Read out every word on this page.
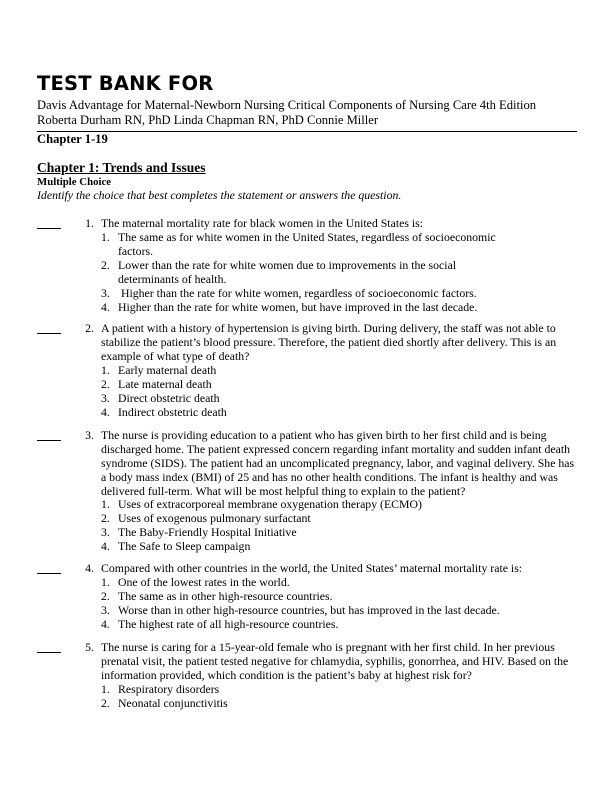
TEST BANK FOR
Davis Advantage for Maternal-Newborn Nursing Critical Components of Nursing Care 4th Edition
Roberta Durham RN, PhD Linda Chapman RN, PhD Connie Miller
Chapter 1-19
Chapter 1: Trends and Issues
Multiple Choice
Identify the choice that best completes the statement or answers the question.
1. The maternal mortality rate for black women in the United States is:
1. The same as for white women in the United States, regardless of socioeconomic
factors.
2. Lower than the rate for white women due to improvements in the social
determinants of health.
3. Higher than the rate for white women, regardless of socioeconomic factors.
4. Higher than the rate for white women, but have improved in the last decade.
2. A patient with a history of hypertension is giving birth. During delivery, the staff was not able to stabilize the patient’s blood pressure. Therefore, the patient died shortly after delivery. This is an example of what type of death?
1. Early maternal death
2. Late maternal death
3. Direct obstetric death
4. Indirect obstetric death
3. The nurse is providing education to a patient who has given birth to her first child and is being discharged home. The patient expressed concern regarding infant mortality and sudden infant death syndrome (SIDS). The patient had an uncomplicated pregnancy, labor, and vaginal delivery. She has a body mass index (BMI) of 25 and has no other health conditions. The infant is healthy and was delivered full-term. What will be most helpful thing to explain to the patient?
1. Uses of extracorporeal membrane oxygenation therapy (ECMO)
2. Uses of exogenous pulmonary surfactant
3. The Baby-Friendly Hospital Initiative
4. The Safe to Sleep campaign
4. Compared with other countries in the world, the United States’ maternal mortality rate is:
1. One of the lowest rates in the world.
2. The same as in other high-resource countries.
3. Worse than in other high-resource countries, but has improved in the last decade.
4. The highest rate of all high-resource countries.
5. The nurse is caring for a 15-year-old female who is pregnant with her first child. In her previous prenatal visit, the patient tested negative for chlamydia, syphilis, gonorrhea, and HIV. Based on the information provided, which condition is the patient’s baby at highest risk for?
1. Respiratory disorders
2. Neonatal conjunctivitis
